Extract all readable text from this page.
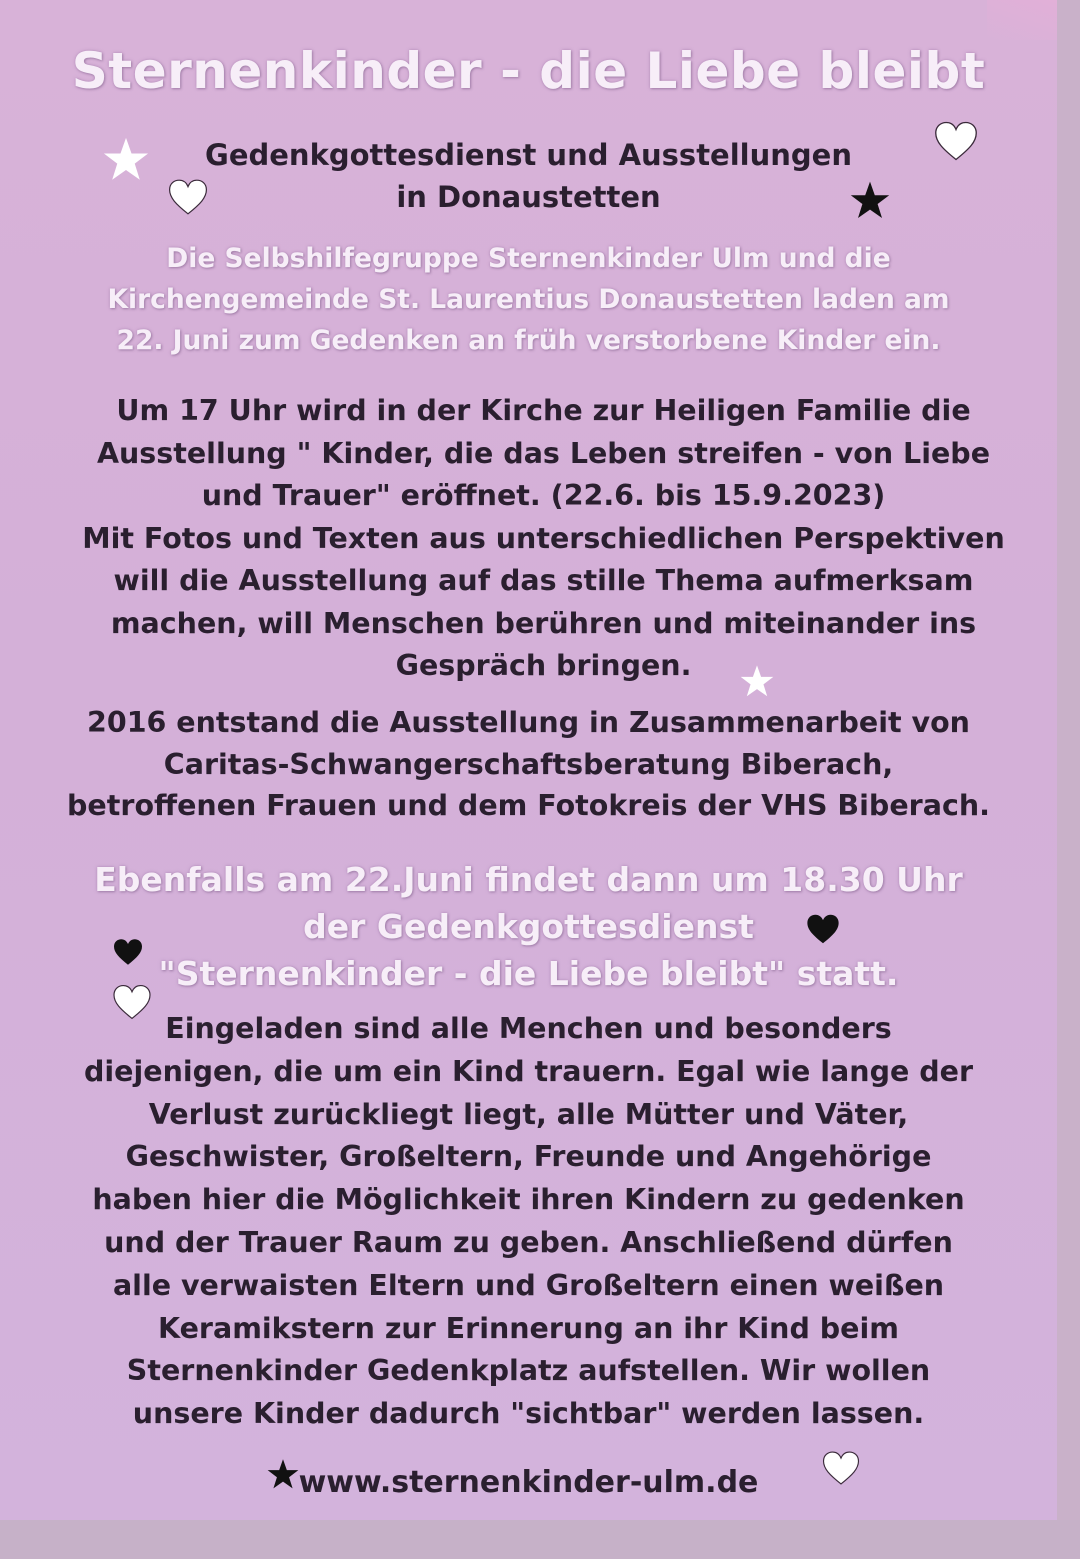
Sternenkinder - die Liebe bleibt
Gedenkgottesdienst und Ausstellungen
in Donaustetten
Die Selbshilfegruppe Sternenkinder Ulm und die
Kirchengemeinde St. Laurentius Donaustetten laden am
22. Juni zum Gedenken an früh verstorbene Kinder ein.
Um 17 Uhr wird in der Kirche zur Heiligen Familie die
Ausstellung " Kinder, die das Leben streifen - von Liebe
und Trauer" eröffnet. (22.6. bis 15.9.2023)
Mit Fotos und Texten aus unterschiedlichen Perspektiven
will die Ausstellung auf das stille Thema aufmerksam
machen, will Menschen berühren und miteinander ins
Gespräch bringen.
2016 entstand die Ausstellung in Zusammenarbeit von
Caritas-Schwangerschaftsberatung Biberach,
betroffenen Frauen und dem Fotokreis der VHS Biberach.
Ebenfalls am 22.Juni findet dann um 18.30 Uhr
der Gedenkgottesdienst
"Sternenkinder - die Liebe bleibt" statt.
Eingeladen sind alle Menchen und besonders
diejenigen, die um ein Kind trauern. Egal wie lange der
Verlust zurückliegt liegt, alle Mütter und Väter,
Geschwister, Großeltern, Freunde und Angehörige
haben hier die Möglichkeit ihren Kindern zu gedenken
und der Trauer Raum zu geben. Anschließend dürfen
alle verwaisten Eltern und Großeltern einen weißen
Keramikstern zur Erinnerung an ihr Kind beim
Sternenkinder Gedenkplatz aufstellen. Wir wollen
unsere Kinder dadurch "sichtbar" werden lassen.
www.sternenkinder-ulm.de
